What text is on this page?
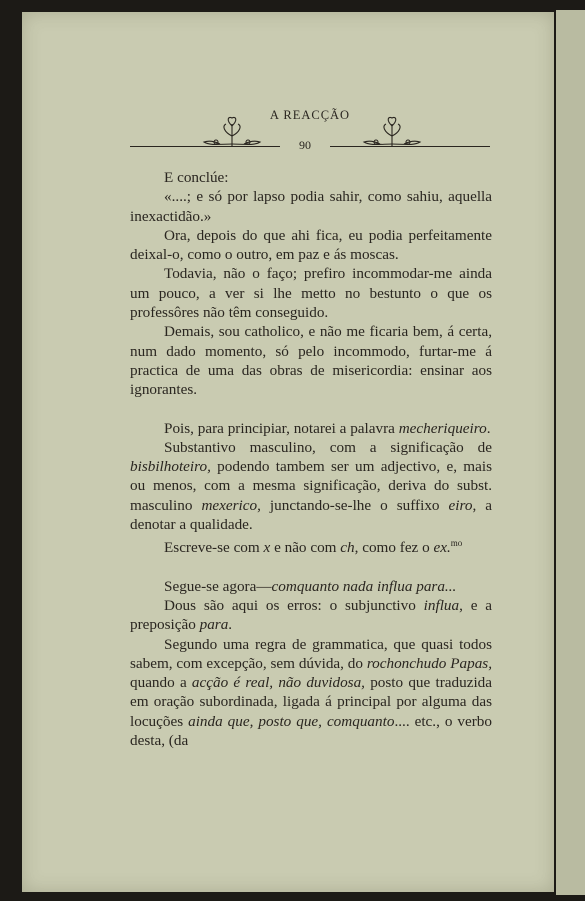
A REACÇÃO
90

E conclúe:

«....; e só por lapso podia sahir, como sahiu, aquella inexactidão.»

Ora, depois do que ahi fica, eu podia perfeitamente deixal-o, como o outro, em paz e ás moscas.

Todavia, não o faço; prefiro incommodar-me ainda um pouco, a ver si lhe metto no bestunto o que os professôres não têm conseguido.

Demais, sou catholico, e não me ficaria bem, á certa, num dado momento, só pelo incommodo, furtar-me á practica de uma das obras de misericordia: ensinar aos ignorantes.

Pois, para principiar, notarei a palavra mecheriqueiro.

Substantivo masculino, com a significação de bisbilhoteiro, podendo tambem ser um adjectivo, e, mais ou menos, com a mesma significação, deriva do subst. masculino mexerico, junctando-se-lhe o suffixo eiro, a denotar a qualidade.

Escreve-se com x e não com ch, como fez o ex.$^{mo}$

Segue-se agora—comquanto nada influa para...

Dous são aqui os erros: o subjunctivo influa, e a preposição para.

Segundo uma regra de grammatica, que quasi todos sabem, com excepção, sem dúvida, do rochonchudo Papas, quando a acção é real, não duvidosa, posto que traduzida em oração subordinada, ligada á principal por alguma das locuções ainda que, posto que, comquanto.... etc., o verbo desta, (da
